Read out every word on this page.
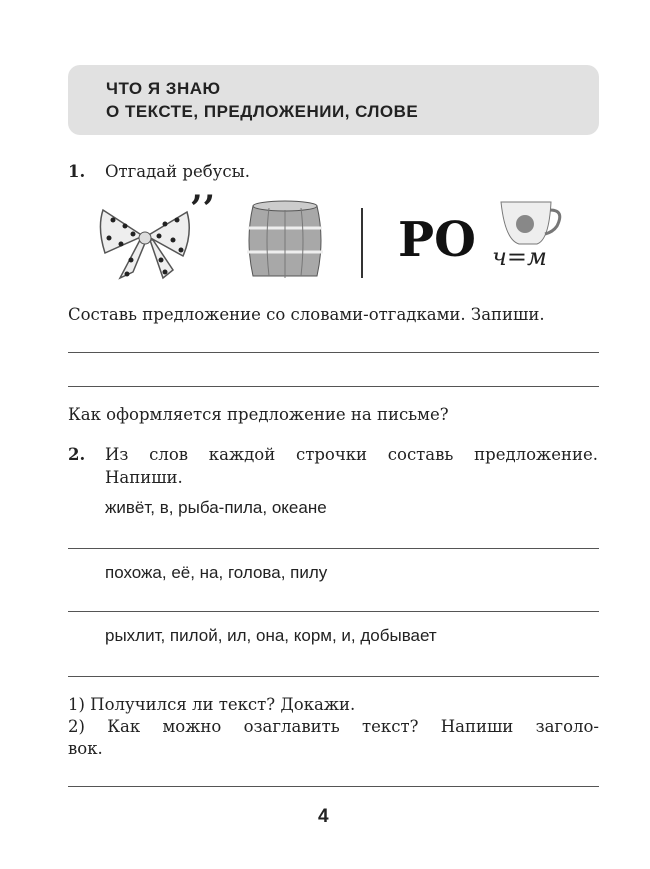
ЧТО Я ЗНАЮ
О ТЕКСТЕ, ПРЕДЛОЖЕНИИ, СЛОВЕ
1. Отгадай ребусы.
’’
РО ч=м
Составь предложение со словами-отгадками. Запиши.
Как оформляется предложение на письме?
2. Из слов каждой строчки составь предложение.
Напиши.
живёт, в, рыба-пила, океане
похожа, её, на, голова, пилу
рыхлит, пилой, ил, она, корм, и, добывает
1) Получился ли текст? Докажи.
2) Как можно озаглавить текст? Напиши заголо-
вок.
4
